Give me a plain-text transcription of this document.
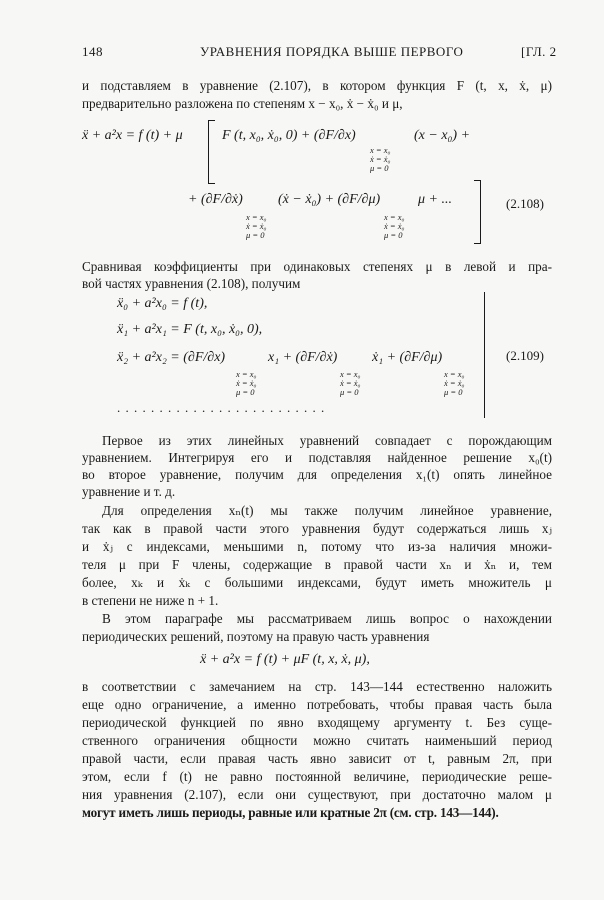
148	УРАВНЕНИЯ ПОРЯДКА ВЫШЕ ПЕРВОГО	[ГЛ. 2
и подставляем в уравнение (2.107), в котором функция F (t, x, ẋ, μ)
предварительно разложена по степеням x − x₀, ẋ − ẋ₀ и μ,
ẍ + a²x = f (t) + μ	F (t, x₀, ẋ₀, 0) + (∂F/∂x)
x = x₀
ẋ = ẋ₀
μ = 0
(x − x₀) +
+ (∂F/∂ẋ)
x = x₀
ẋ = ẋ₀
μ = 0
(ẋ − ẋ₀) + (∂F/∂μ)
x = x₀
ẋ = ẋ₀
μ = 0
μ + ...	(2.108)
Сравнивая коэффициенты при одинаковых степенях μ в левой и пра-
вой частях уравнения (2.108), получим
ẍ₀ + a²x₀ = f (t),
ẍ₁ + a²x₁ = F (t, x₀, ẋ₀, 0),
ẍ₂ + a²x₂ = (∂F/∂x)
x = x₀
ẋ = ẋ₀
μ = 0
x₁ + (∂F/∂ẋ)
x = x₀
ẋ = ẋ₀
μ = 0
ẋ₁ + (∂F/∂μ)
x = x₀
ẋ = ẋ₀
μ = 0
. . . . . . . . . . . . . . . . . . . . . . . . .
(2.109)
Первое из этих линейных уравнений совпадает с порождающим
уравнением. Интегрируя его и подставляя найденное решение x₀(t)
во второе уравнение, получим для определения x₁(t) опять линейное
уравнение и т. д.
Для определения xₙ(t) мы также получим линейное уравнение,
так как в правой части этого уравнения будут содержаться лишь xⱼ
и ẋⱼ с индексами, меньшими n, потому что из-за наличия множи-
теля μ при F члены, содержащие в правой части xₙ и ẋₙ и, тем
более, xₖ и ẋₖ с большими индексами, будут иметь множитель μ
в степени не ниже n + 1.
В этом параграфе мы рассматриваем лишь вопрос о нахождении
периодических решений, поэтому на правую часть уравнения
ẍ + a²x = f (t) + μF (t, x, ẋ, μ),
в соответствии с замечанием на стр. 143—144 естественно наложить
еще одно ограничение, а именно потребовать, чтобы правая часть была
периодической функцией по явно входящему аргументу t. Без суще-
ственного ограничения общности можно считать наименьший период
правой части, если правая часть явно зависит от t, равным 2π, при
этом, если f (t) не равно постоянной величине, периодические реше-
ния уравнения (2.107), если они существуют, при достаточно малом μ
могут иметь лишь периоды, равные или кратные 2π (см. стр. 143—144).
